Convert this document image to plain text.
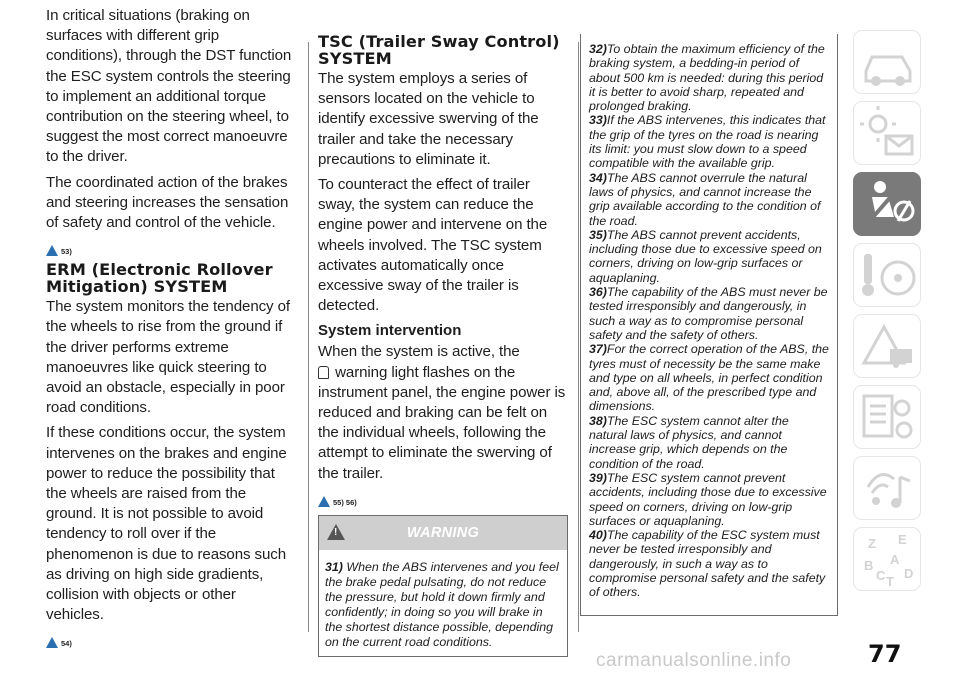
In critical situations (braking on surfaces with different grip conditions), through the DST function the ESC system controls the steering to implement an additional torque contribution on the steering wheel, to suggest the most correct manoeuvre to the driver.

The coordinated action of the brakes and steering increases the sensation of safety and control of the vehicle.

53)
ERM (Electronic Rollover Mitigation) SYSTEM

The system monitors the tendency of the wheels to rise from the ground if the driver performs extreme manoeuvres like quick steering to avoid an obstacle, especially in poor road conditions.

If these conditions occur, the system intervenes on the brakes and engine power to reduce the possibility that the wheels are raised from the ground. It is not possible to avoid tendency to roll over if the phenomenon is due to reasons such as driving on high side gradients, collision with objects or other vehicles.

54)
TSC (Trailer Sway Control) SYSTEM

The system employs a series of sensors located on the vehicle to identify excessive swerving of the trailer and take the necessary precautions to eliminate it.

To counteract the effect of trailer sway, the system can reduce the engine power and intervene on the wheels involved. The TSC system activates automatically once excessive sway of the trailer is detected.

System intervention

When the system is active, the
warning light flashes on the instrument panel, the engine power is reduced and braking can be felt on the individual wheels, following the attempt to eliminate the swerving of the trailer.

55) 56)
!	WARNING
31) When the ABS intervenes and you feel the brake pedal pulsating, do not reduce the pressure, but hold it down firmly and confidently; in doing so you will brake in the shortest distance possible, depending on the current road conditions.

32)To obtain the maximum efficiency of the braking system, a bedding-in period of about 500 km is needed: during this period it is better to avoid sharp, repeated and prolonged braking.

33)If the ABS intervenes, this indicates that the grip of the tyres on the road is nearing its limit: you must slow down to a speed compatible with the available grip.

34)The ABS cannot overrule the natural laws of physics, and cannot increase the grip available according to the condition of the road.

35)The ABS cannot prevent accidents, including those due to excessive speed on corners, driving on low-grip surfaces or aquaplaning.

36)The capability of the ABS must never be tested irresponsibly and dangerously, in such a way as to compromise personal safety and the safety of others.

37)For the correct operation of the ABS, the tyres must of necessity be the same make and type on all wheels, in perfect condition and, above all, of the prescribed type and dimensions.

38)The ESC system cannot alter the natural laws of physics, and cannot increase grip, which depends on the condition of the road.

39)The ESC system cannot prevent accidents, including those due to excessive speed on corners, driving on low-grip surfaces or aquaplaning.

40)The capability of the ESC system must never be tested irresponsibly and dangerously, in such a way as to compromise personal safety and the safety of others.

Z E
B A
C T
D
77
carmanualsonline.info
